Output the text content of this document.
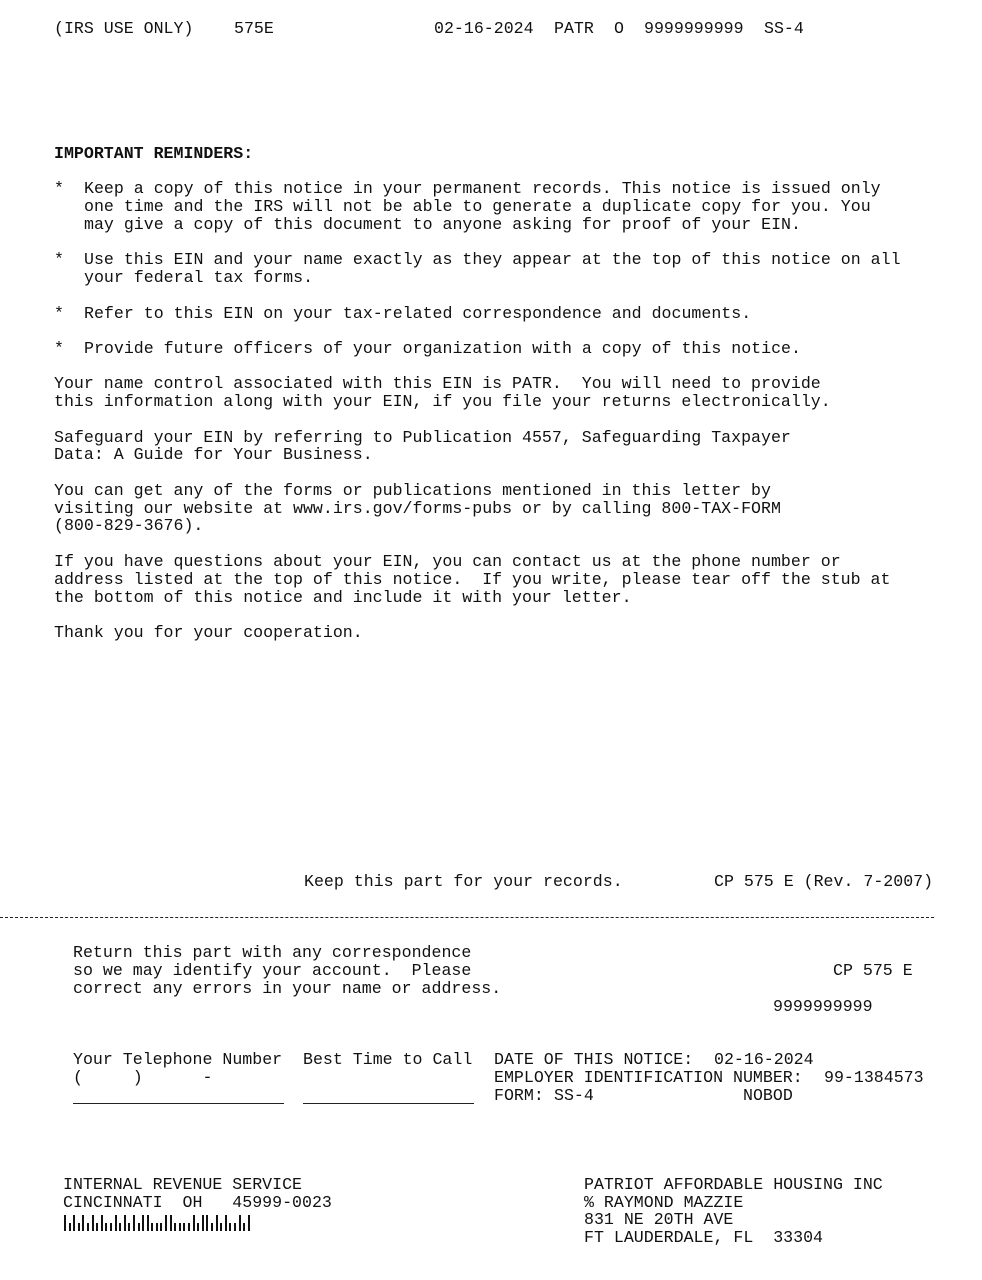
(IRS USE ONLY) 575E	02-16-2024 PATR O 9999999999 SS-4
IMPORTANT REMINDERS:
* Keep a copy of this notice in your permanent records. This notice is issued only
one time and the IRS will not be able to generate a duplicate copy for you. You
may give a copy of this document to anyone asking for proof of your EIN.
* Use this EIN and your name exactly as they appear at the top of this notice on all
your federal tax forms.
* Refer to this EIN on your tax-related correspondence and documents.
* Provide future officers of your organization with a copy of this notice.
Your name control associated with this EIN is PATR.  You will need to provide
this information along with your EIN, if you file your returns electronically.
Safeguard your EIN by referring to Publication 4557, Safeguarding Taxpayer
Data: A Guide for Your Business.
You can get any of the forms or publications mentioned in this letter by
visiting our website at www.irs.gov/forms-pubs or by calling 800-TAX-FORM
(800-829-3676).
If you have questions about your EIN, you can contact us at the phone number or
address listed at the top of this notice.  If you write, please tear off the stub at
the bottom of this notice and include it with your letter.
Thank you for your cooperation.
Keep this part for your records.	CP 575 E (Rev. 7-2007)
Return this part with any correspondence
so we may identify your account.  Please
correct any errors in your name or address.
CP 575 E
9999999999
Your Telephone Number
(     )      -
Best Time to Call DATE OF THIS NOTICE: 02-16-2024
EMPLOYER IDENTIFICATION NUMBER: 99-1384573
FORM: SS-4	NOBOD
INTERNAL REVENUE SERVICE
CINCINNATI  OH   45999-0023
PATRIOT AFFORDABLE HOUSING INC
% RAYMOND MAZZIE
831 NE 20TH AVE
FT LAUDERDALE, FL  33304
